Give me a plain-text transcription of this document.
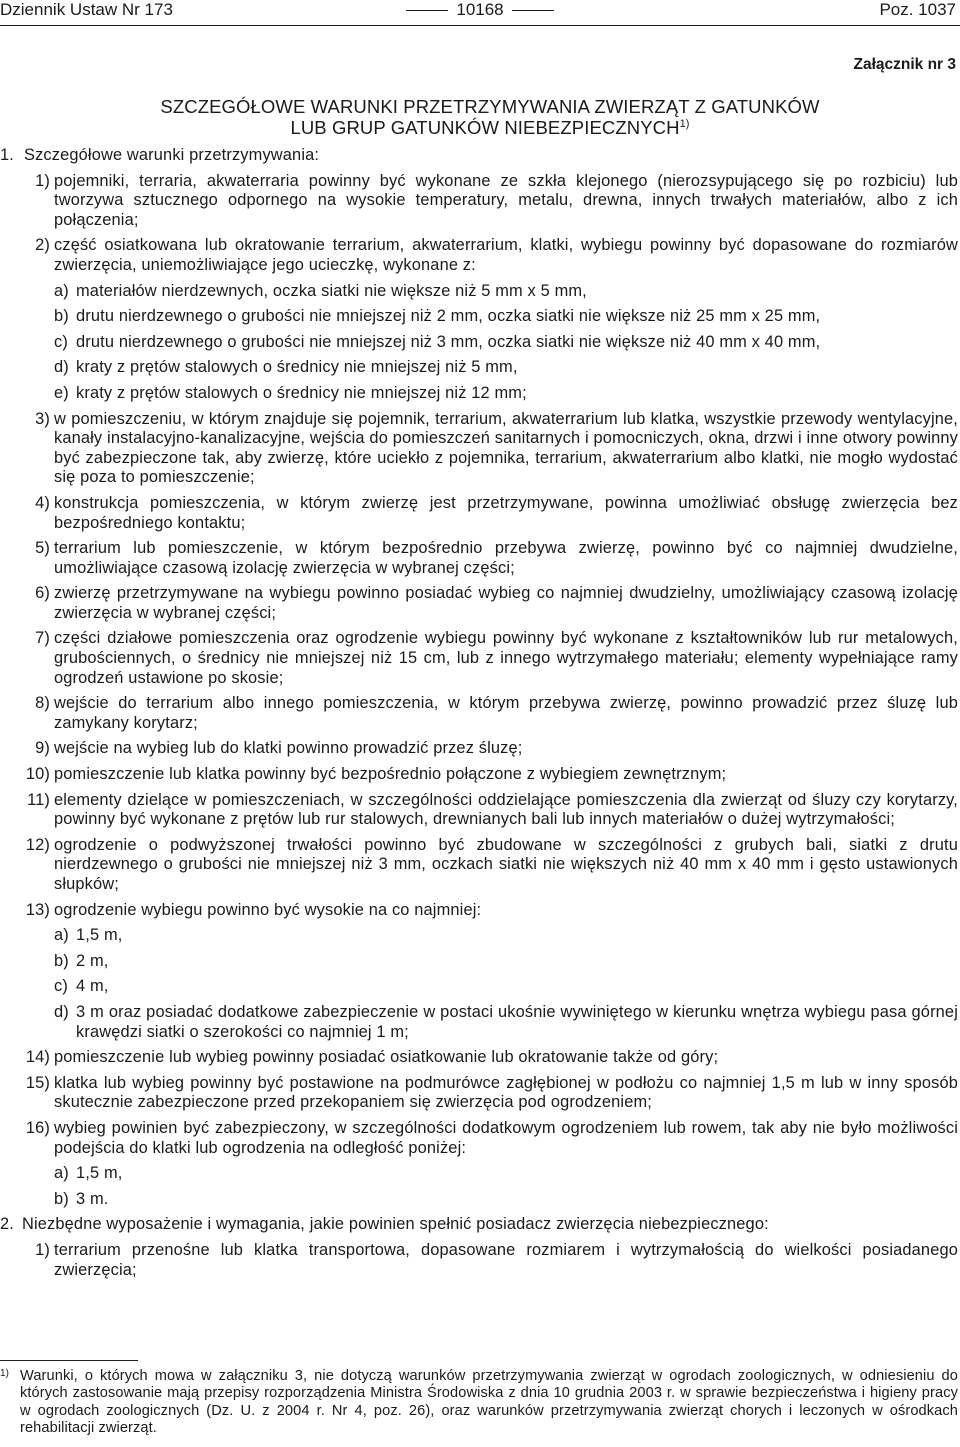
Dziennik Ustaw Nr 173	10168	Poz. 1037
Załącznik nr 3
SZCZEGÓŁOWE WARUNKI PRZETRZYMYWANIA ZWIERZĄT Z GATUNKÓW
LUB GRUP GATUNKÓW NIEBEZPIECZNYCH$^{1)}$
1. Szczegółowe warunki przetrzymywania:
1) pojemniki, terraria, akwaterraria powinny być wykonane ze szkła klejonego (nierozsypującego się po rozbiciu) lub tworzywa sztucznego odpornego na wysokie temperatury, metalu, drewna, innych trwałych materiałów, albo z ich połączenia;
2) część osiatkowana lub okratowanie terrarium, akwaterrarium, klatki, wybiegu powinny być dopasowane do rozmiarów zwierzęcia, uniemożliwiające jego ucieczkę, wykonane z:
a) materiałów nierdzewnych, oczka siatki nie większe niż 5 mm x 5 mm,
b) drutu nierdzewnego o grubości nie mniejszej niż 2 mm, oczka siatki nie większe niż 25 mm x 25 mm,
c) drutu nierdzewnego o grubości nie mniejszej niż 3 mm, oczka siatki nie większe niż 40 mm x 40 mm,
d) kraty z prętów stalowych o średnicy nie mniejszej niż 5 mm,
e) kraty z prętów stalowych o średnicy nie mniejszej niż 12 mm;
3) w pomieszczeniu, w którym znajduje się pojemnik, terrarium, akwaterrarium lub klatka, wszystkie przewody wentylacyjne, kanały instalacyjno-kanalizacyjne, wejścia do pomieszczeń sanitarnych i pomocniczych, okna, drzwi i inne otwory powinny być zabezpieczone tak, aby zwierzę, które uciekło z pojemnika, terrarium, akwaterrarium albo klatki, nie mogło wydostać się poza to pomieszczenie;
4) konstrukcja pomieszczenia, w którym zwierzę jest przetrzymywane, powinna umożliwiać obsługę zwierzęcia bez bezpośredniego kontaktu;
5) terrarium lub pomieszczenie, w którym bezpośrednio przebywa zwierzę, powinno być co najmniej dwudzielne, umożliwiające czasową izolację zwierzęcia w wybranej części;
6) zwierzę przetrzymywane na wybiegu powinno posiadać wybieg co najmniej dwudzielny, umożliwiający czasową izolację zwierzęcia w wybranej części;
7) części działowe pomieszczenia oraz ogrodzenie wybiegu powinny być wykonane z kształtowników lub rur metalowych, grubościennych, o średnicy nie mniejszej niż 15 cm, lub z innego wytrzymałego materiału; elementy wypełniające ramy ogrodzeń ustawione po skosie;
8) wejście do terrarium albo innego pomieszczenia, w którym przebywa zwierzę, powinno prowadzić przez śluzę lub zamykany korytarz;
9) wejście na wybieg lub do klatki powinno prowadzić przez śluzę;
10) pomieszczenie lub klatka powinny być bezpośrednio połączone z wybiegiem zewnętrznym;
11) elementy dzielące w pomieszczeniach, w szczególności oddzielające pomieszczenia dla zwierząt od śluzy czy korytarzy, powinny być wykonane z prętów lub rur stalowych, drewnianych bali lub innych materiałów o dużej wytrzymałości;
12) ogrodzenie o podwyższonej trwałości powinno być zbudowane w szczególności z grubych bali, siatki z drutu nierdzewnego o grubości nie mniejszej niż 3 mm, oczkach siatki nie większych niż 40 mm x 40 mm i gęsto ustawionych słupków;
13) ogrodzenie wybiegu powinno być wysokie na co najmniej:
a) 1,5 m,
b) 2 m,
c) 4 m,
d) 3 m oraz posiadać dodatkowe zabezpieczenie w postaci ukośnie wywiniętego w kierunku wnętrza wybiegu pasa górnej krawędzi siatki o szerokości co najmniej 1 m;
14) pomieszczenie lub wybieg powinny posiadać osiatkowanie lub okratowanie także od góry;
15) klatka lub wybieg powinny być postawione na podmurówce zagłębionej w podłożu co najmniej 1,5 m lub w inny sposób skutecznie zabezpieczone przed przekopaniem się zwierzęcia pod ogrodzeniem;
16) wybieg powinien być zabezpieczony, w szczególności dodatkowym ogrodzeniem lub rowem, tak aby nie było możliwości podejścia do klatki lub ogrodzenia na odległość poniżej:
a) 1,5 m,
b) 3 m.
2. Niezbędne wyposażenie i wymagania, jakie powinien spełnić posiadacz zwierzęcia niebezpiecznego:
1) terrarium przenośne lub klatka transportowa, dopasowane rozmiarem i wytrzymałością do wielkości posiadanego zwierzęcia;
1) Warunki, o których mowa w załączniku 3, nie dotyczą warunków przetrzymywania zwierząt w ogrodach zoologicznych, w odniesieniu do których zastosowanie mają przepisy rozporządzenia Ministra Środowiska z dnia 10 grudnia 2003 r. w sprawie bezpieczeństwa i higieny pracy w ogrodach zoologicznych (Dz. U. z 2004 r. Nr 4, poz. 26), oraz warunków przetrzymywania zwierząt chorych i leczonych w ośrodkach rehabilitacji zwierząt.
